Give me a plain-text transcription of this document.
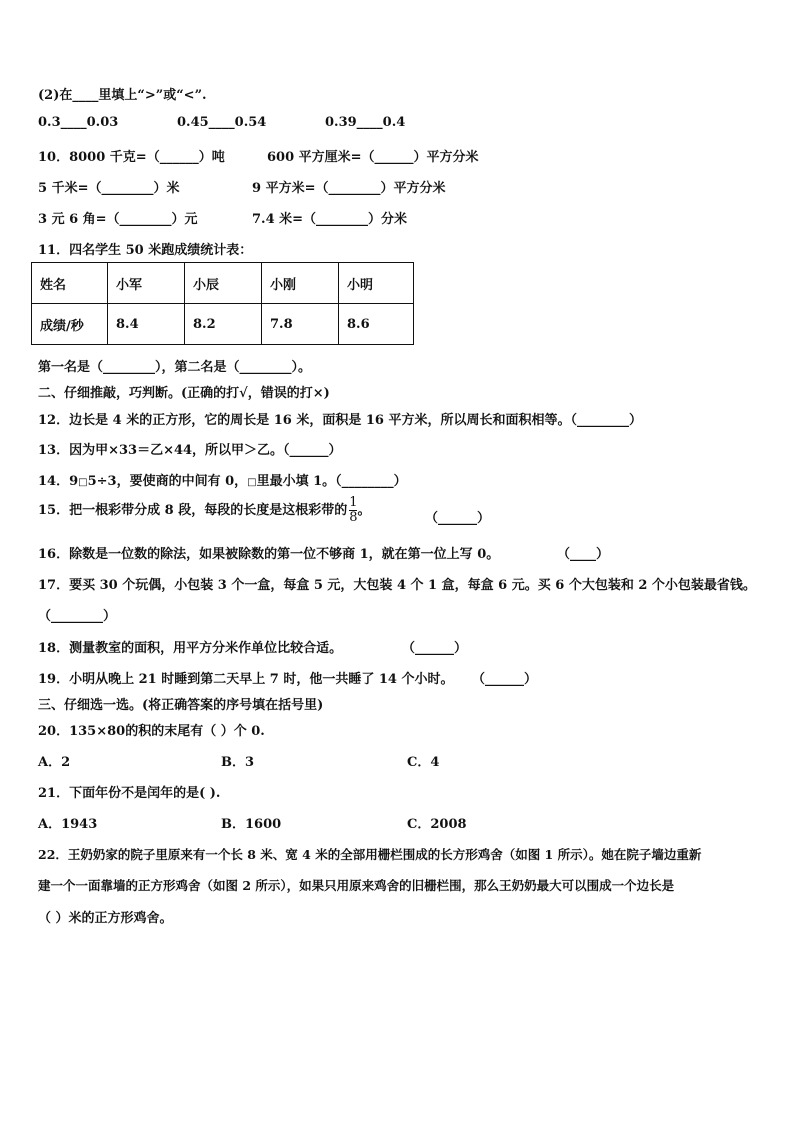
(2)在____里填上“>”或“<”.
0.3____0.03	0.45____0.54	0.39____0.4
10．8000 千克=（______）吨	600 平方厘米=（______）平方分米
5 千米=（________）米	9 平方米=（________）平方分米
3 元 6 角=（________）元	7.4 米=（________）分米
11．四名学生 50 米跑成绩统计表：
姓名	小军	小辰	小刚	小明
成绩/秒	8.4	8.2	7.8	8.6
第一名是（________），第二名是（________）。
二、仔细推敲，巧判断。(正确的打√，错误的打×)
12．边长是 4 米的正方形，它的周长是 16 米，面积是 16 平方米，所以周长和面积相等。（________）
13．因为甲×33＝乙×44，所以甲＞乙。（______）
14．9□5÷3，要使商的中间有 0，□里最小填 1。（________）
15．把一根彩带分成 8 段，每段的长度是这根彩带的 $\frac{1}{8}$ 。
（______）
16．除数是一位数的除法，如果被除数的第一位不够商 1，就在第一位上写 0。	（____）
17．要买 30 个玩偶，小包装 3 个一盒，每盒 5 元，大包装 4 个 1 盒，每盒 6 元。买 6 个大包装和 2 个小包装最省钱。
（________）
18．测量教室的面积，用平方分米作单位比较合适。	（______）
19．小明从晚上 21 时睡到第二天早上 7 时，他一共睡了 14 个小时。 （______）
三、仔细选一选。(将正确答案的序号填在括号里)
20．135×80的积的末尾有（ ）个 0.
A．2	B．3	C．4
21．下面年份不是闰年的是( ).
A．1943	B．1600	C．2008
22．王奶奶家的院子里原来有一个长 8 米、宽 4 米的全部用栅栏围成的长方形鸡舍（如图 1 所示）。她在院子墙边重新
建一个一面靠墙的正方形鸡舍（如图 2 所示），如果只用原来鸡舍的旧栅栏围，那么王奶奶最大可以围成一个边长是
（ ）米的正方形鸡舍。
